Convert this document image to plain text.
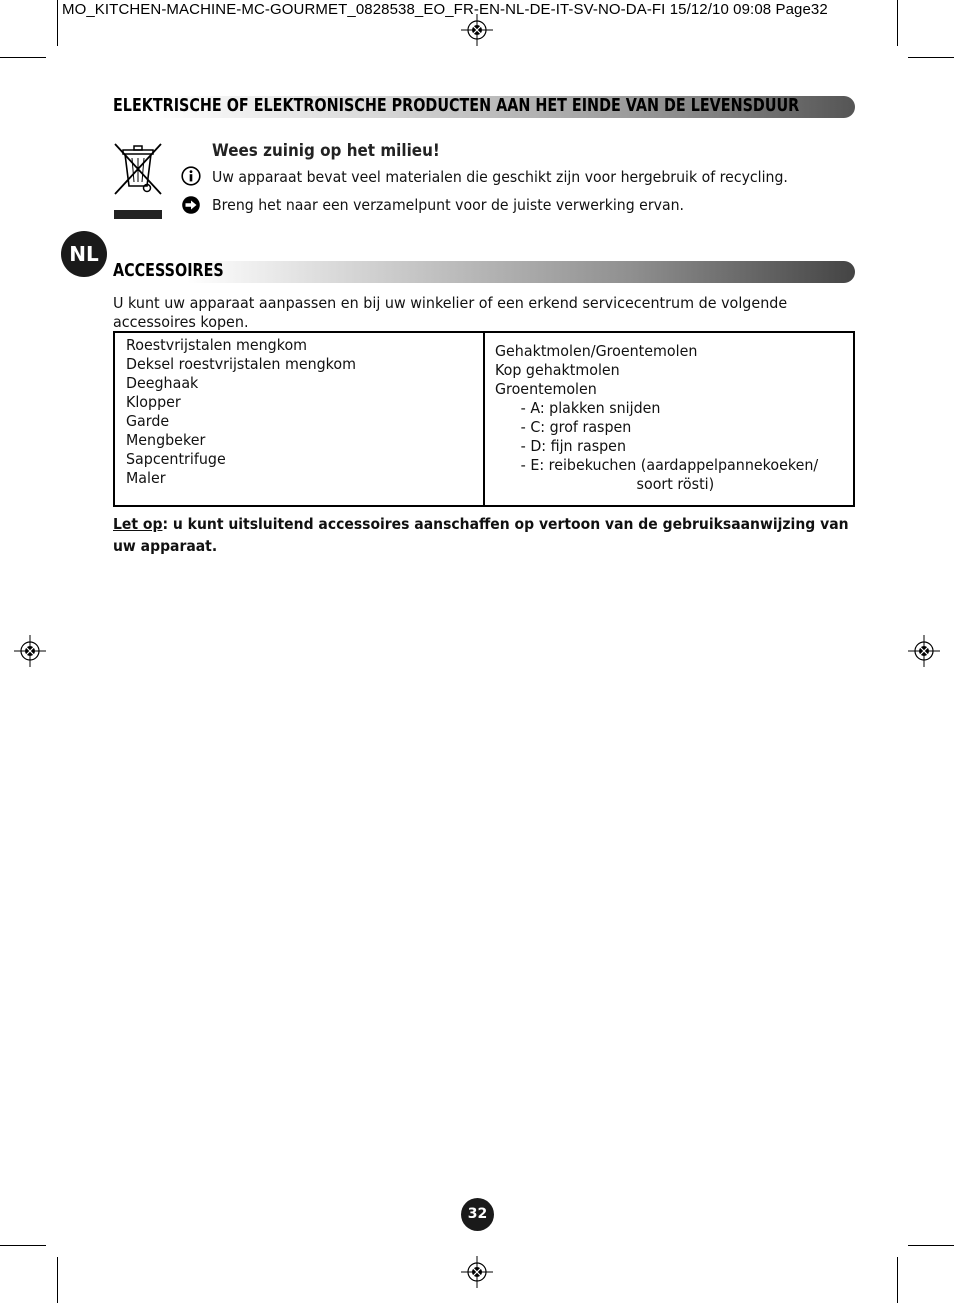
MO_KITCHEN-MACHINE-MC-GOURMET_0828538_EO_FR-EN-NL-DE-IT-SV-NO-DA-FI 15/12/10 09:08 Page32
ELEKTRISCHE OF ELEKTRONISCHE PRODUCTEN AAN HET EINDE VAN DE LEVENSDUUR
Wees zuinig op het milieu!
Uw apparaat bevat veel materialen die geschikt zijn voor hergebruik of recycling.
Breng het naar een verzamelpunt voor de juiste verwerking ervan.
NL
ACCESSOIRES
U kunt uw apparaat aanpassen en bij uw winkelier of een erkend servicecentrum de volgende accessoires kopen.
Roestvrijstalen mengkom
Deksel roestvrijstalen mengkom
Deeghaak
Klopper
Garde
Mengbeker
Sapcentrifuge
Maler
Gehaktmolen/Groentemolen
Kop gehaktmolen
Groentemolen
- A: plakken snijden
- C: grof raspen
- D: fijn raspen
- E: reibekuchen (aardappelpannekoeken/
soort rösti)
Let op: u kunt uitsluitend accessoires aanschaffen op vertoon van de gebruiksaanwijzing van uw apparaat.
32
